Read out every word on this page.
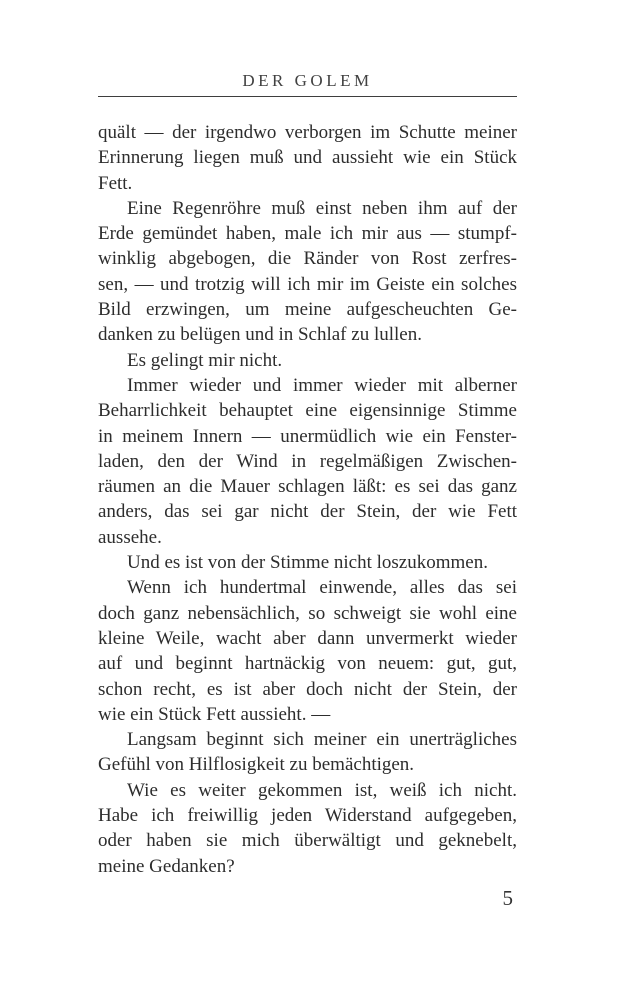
DER GOLEM

quält — der irgendwo verborgen im Schutte meiner
Erinnerung liegen muß und aussieht wie ein Stück
Fett.

Eine Regenröhre muß einst neben ihm auf der
Erde gemündet haben, male ich mir aus — stumpf-
winklig abgebogen, die Ränder von Rost zerfres-
sen, — und trotzig will ich mir im Geiste ein solches
Bild erzwingen, um meine aufgescheuchten Ge-
danken zu belügen und in Schlaf zu lullen.

Es gelingt mir nicht.

Immer wieder und immer wieder mit alberner
Beharrlichkeit behauptet eine eigensinnige Stimme
in meinem Innern — unermüdlich wie ein Fenster-
laden, den der Wind in regelmäßigen Zwischen-
räumen an die Mauer schlagen läßt: es sei das ganz
anders, das sei gar nicht der Stein, der wie Fett
aussehe.

Und es ist von der Stimme nicht loszukommen.

Wenn ich hundertmal einwende, alles das sei
doch ganz nebensächlich, so schweigt sie wohl eine
kleine Weile, wacht aber dann unvermerkt wieder
auf und beginnt hartnäckig von neuem: gut, gut,
schon recht, es ist aber doch nicht der Stein, der
wie ein Stück Fett aussieht. —

Langsam beginnt sich meiner ein unerträgliches
Gefühl von Hilflosigkeit zu bemächtigen.

Wie es weiter gekommen ist, weiß ich nicht.
Habe ich freiwillig jeden Widerstand aufgegeben,
oder haben sie mich überwältigt und geknebelt,
meine Gedanken?

5
